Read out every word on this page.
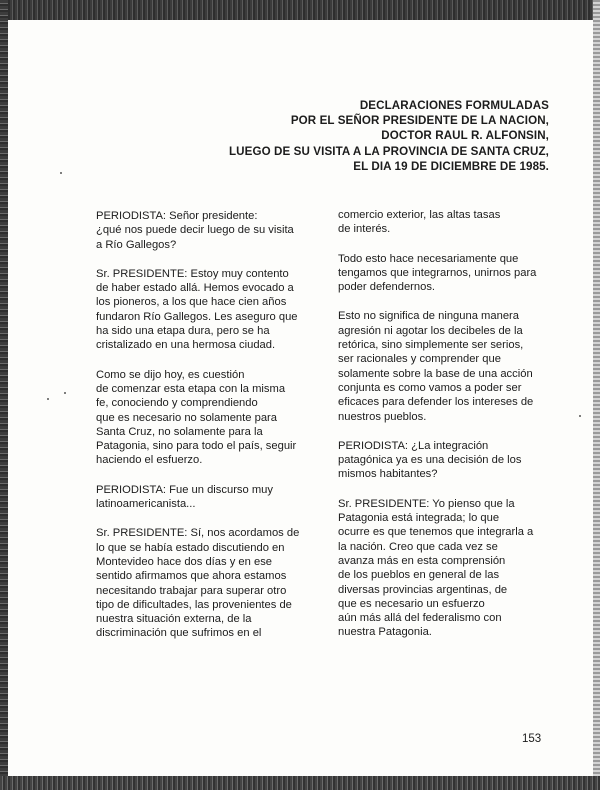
DECLARACIONES FORMULADAS
POR EL SEÑOR PRESIDENTE DE LA NACION,
DOCTOR RAUL R. ALFONSIN,
LUEGO DE SU VISITA A LA PROVINCIA DE SANTA CRUZ,
EL DIA 19 DE DICIEMBRE DE 1985.

PERIODISTA: Señor presidente:
¿qué nos puede decir luego de su visita
a Río Gallegos?

Sr. PRESIDENTE: Estoy muy contento
de haber estado allá. Hemos evocado a
los pioneros, a los que hace cien años
fundaron Río Gallegos. Les aseguro que
ha sido una etapa dura, pero se ha
cristalizado en una hermosa ciudad.

Como se dijo hoy, es cuestión
de comenzar esta etapa con la misma
fe, conociendo y comprendiendo
que es necesario no solamente para
Santa Cruz, no solamente para la
Patagonia, sino para todo el país, seguir
haciendo el esfuerzo.

PERIODISTA: Fue un discurso muy
latinoamericanista...

Sr. PRESIDENTE: Sí, nos acordamos de
lo que se había estado discutiendo en
Montevideo hace dos días y en ese
sentido afirmamos que ahora estamos
necesitando trabajar para superar otro
tipo de dificultades, las provenientes de
nuestra situación externa, de la
discriminación que sufrimos en el

comercio exterior, las altas tasas
de interés.

Todo esto hace necesariamente que
tengamos que integrarnos, unirnos para
poder defendernos.

Esto no significa de ninguna manera
agresión ni agotar los decibeles de la
retórica, sino simplemente ser serios,
ser racionales y comprender que
solamente sobre la base de una acción
conjunta es como vamos a poder ser
eficaces para defender los intereses de
nuestros pueblos.

PERIODISTA: ¿La integración
patagónica ya es una decisión de los
mismos habitantes?

Sr. PRESIDENTE: Yo pienso que la
Patagonia está integrada; lo que
ocurre es que tenemos que integrarla a
la nación. Creo que cada vez se
avanza más en esta comprensión
de los pueblos en general de las
diversas provincias argentinas, de
que es necesario un esfuerzo
aún más allá del federalismo con
nuestra Patagonia.

153
